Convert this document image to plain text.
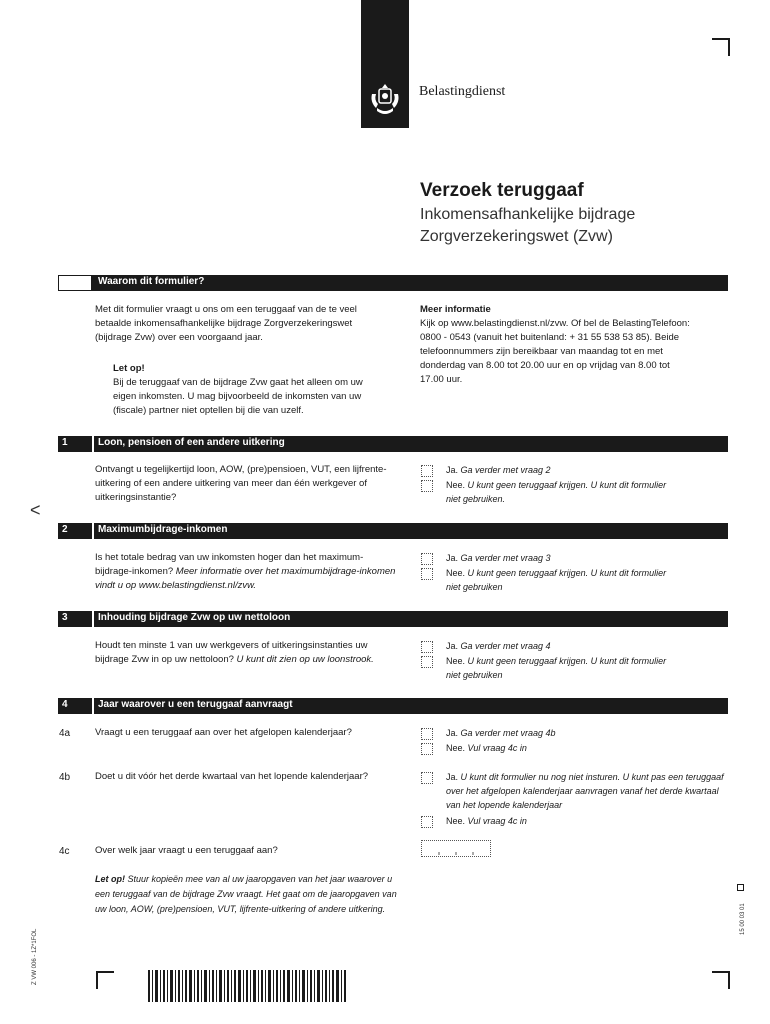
Belastingdienst
Verzoek teruggaaf
Inkomensafhankelijke bijdrage
Zorgverzekeringswet (Zvw)
Waarom dit formulier?
Met dit formulier vraagt u ons om een teruggaaf van de te veel
betaalde inkomensafhankelijke bijdrage Zorgverzekeringswet
(bijdrage Zvw) over een voorgaand jaar.
Let op!
Bij de teruggaaf van de bijdrage Zvw gaat het alleen om uw
eigen inkomsten. U mag bijvoorbeeld de inkomsten van uw
(fiscale) partner niet optellen bij die van uzelf.
Meer informatie
Kijk op www.belastingdienst.nl/zvw. Of bel de BelastingTelefoon:
0800 - 0543 (vanuit het buitenland: + 31 55 538 53 85). Beide
telefoonnummers zijn bereikbaar van maandag tot en met
donderdag van 8.00 tot 20.00 uur en op vrijdag van 8.00 tot
17.00 uur.
1	Loon, pensioen of een andere uitkering
Ontvangt u tegelijkertijd loon, AOW, (pre)pensioen, VUT, een lijfrente-
uitkering of een andere uitkering van meer dan één werkgever of
uitkeringsinstantie?
Ja. Ga verder met vraag 2
Nee. U kunt geen teruggaaf krijgen. U kunt dit formulier
niet gebruiken.
<
2	Maximumbijdrage-inkomen
Is het totale bedrag van uw inkomsten hoger dan het maximum-
bijdrage-inkomen? Meer informatie over het maximumbijdrage-inkomen
vindt u op www.belastingdienst.nl/zvw.
Ja. Ga verder met vraag 3
Nee. U kunt geen teruggaaf krijgen. U kunt dit formulier
niet gebruiken
3	Inhouding bijdrage Zvw op uw nettoloon
Houdt ten minste 1 van uw werkgevers of uitkeringsinstanties uw
bijdrage Zvw in op uw nettoloon? U kunt dit zien op uw loonstrook.
Ja. Ga verder met vraag 4
Nee. U kunt geen teruggaaf krijgen. U kunt dit formulier
niet gebruiken
4	Jaar waarover u een teruggaaf aanvraagt
4a	Vraagt u een teruggaaf aan over het afgelopen kalenderjaar?	Ja. Ga verder met vraag 4b
Nee. Vul vraag 4c in
4b	Doet u dit vóór het derde kwartaal van het lopende kalenderjaar?	Ja. U kunt dit formulier nu nog niet insturen. U kunt pas een teruggaaf
over het afgelopen kalenderjaar aanvragen vanaf het derde kwartaal
van het lopende kalenderjaar
Nee. Vul vraag 4c in
4c	Over welk jaar vraagt u een teruggaaf aan?
Let op! Stuur kopieën mee van al uw jaaropgaven van het jaar waarover u
een teruggaaf van de bijdrage Zvw vraagt. Het gaat om de jaaropgaven van
uw loon, AOW, (pre)pensioen, VUT, lijfrente-uitkering of andere uitkering.
Z VW 006 - 1Z*1FOL
15 00 03 01
